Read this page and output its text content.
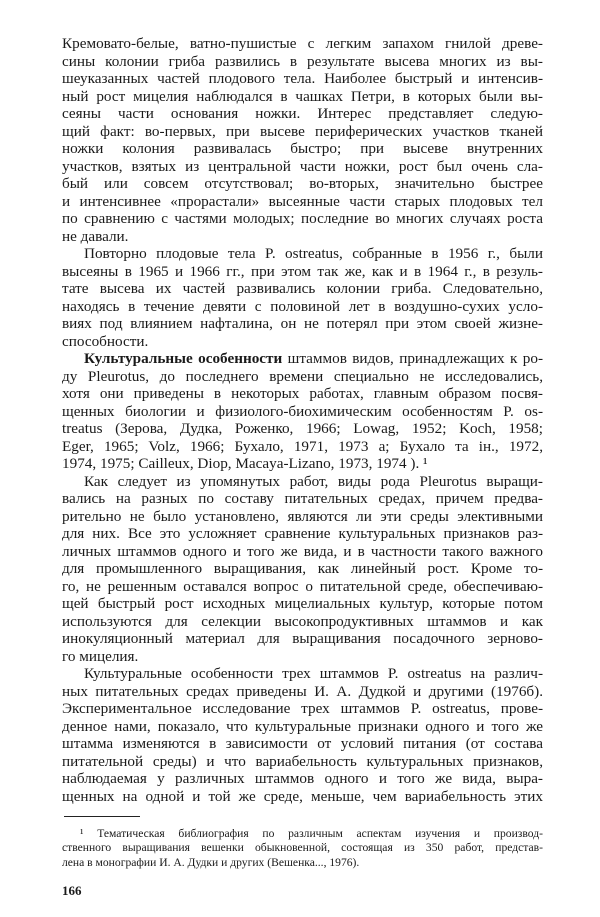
Кремовато-белые, ватно-пушистые с легким запахом гнилой древе-
сины колонии гриба развились в результате высева многих из вы-
шеуказанных частей плодового тела. Наиболее быстрый и интенсив-
ный рост мицелия наблюдался в чашках Петри, в которых были вы-
сеяны части основания ножки. Интерес представляет следую-
щий факт: во-первых, при высеве периферических участков тканей
ножки колония развивалась быстро; при высеве внутренних
участков, взятых из центральной части ножки, рост был очень сла-
бый или совсем отсутствовал; во-вторых, значительно быстрее
и интенсивнее «прорастали» высеянные части старых плодовых тел
по сравнению с частями молодых; последние во многих случаях роста
не давали.
Повторно плодовые тела P. ostreatus, собранные в 1956 г., были
высеяны в 1965 и 1966 гг., при этом так же, как и в 1964 г., в резуль-
тате высева их частей развивались колонии гриба. Следовательно,
находясь в течение девяти с половиной лет в воздушно-сухих усло-
виях под влиянием нафталина, он не потерял при этом своей жизне-
способности.
Культуральные особенности штаммов видов, принадлежащих к ро-
ду Pleurotus, до последнего времени специально не исследовались,
хотя они приведены в некоторых работах, главным образом посвя-
щенных биологии и физиолого-биохимическим особенностям P. os-
treatus (Зерова, Дудка, Роженко, 1966; Lowag, 1952; Koch, 1958;
Eger, 1965; Volz, 1966; Бухало, 1971, 1973 а; Бухало та ін., 1972,
1974, 1975; Cailleux, Diop, Macaya-Lizano, 1973, 1974 ). ¹
Как следует из упомянутых работ, виды рода Pleurotus выращи-
вались на разных по составу питательных средах, причем предва-
рительно не было установлено, являются ли эти среды элективными
для них. Все это усложняет сравнение культуральных признаков раз-
личных штаммов одного и того же вида, и в частности такого важного
для промышленного выращивания, как линейный рост. Кроме то-
го, не решенным оставался вопрос о питательной среде, обеспечиваю-
щей быстрый рост исходных мицелиальных культур, которые потом
используются для селекции высокопродуктивных штаммов и как
инокуляционный материал для выращивания посадочного зерново-
го мицелия.
Культуральные особенности трех штаммов P. ostreatus на различ-
ных питательных средах приведены И. А. Дудкой и другими (1976б).
Экспериментальное исследование трех штаммов P. ostreatus, прове-
денное нами, показало, что культуральные признаки одного и того же
штамма изменяются в зависимости от условий питания (от состава
питательной среды) и что вариабельность культуральных признаков,
наблюдаемая у различных штаммов одного и того же вида, выра-
щенных на одной и той же среде, меньше, чем вариабельность этих
¹ Тематическая библиография по различным аспектам изучения и производ-
ственного выращивания вешенки обыкновенной, состоящая из 350 работ, представ-
лена в монографии И. А. Дудки и других (Вешенка..., 1976).
166
